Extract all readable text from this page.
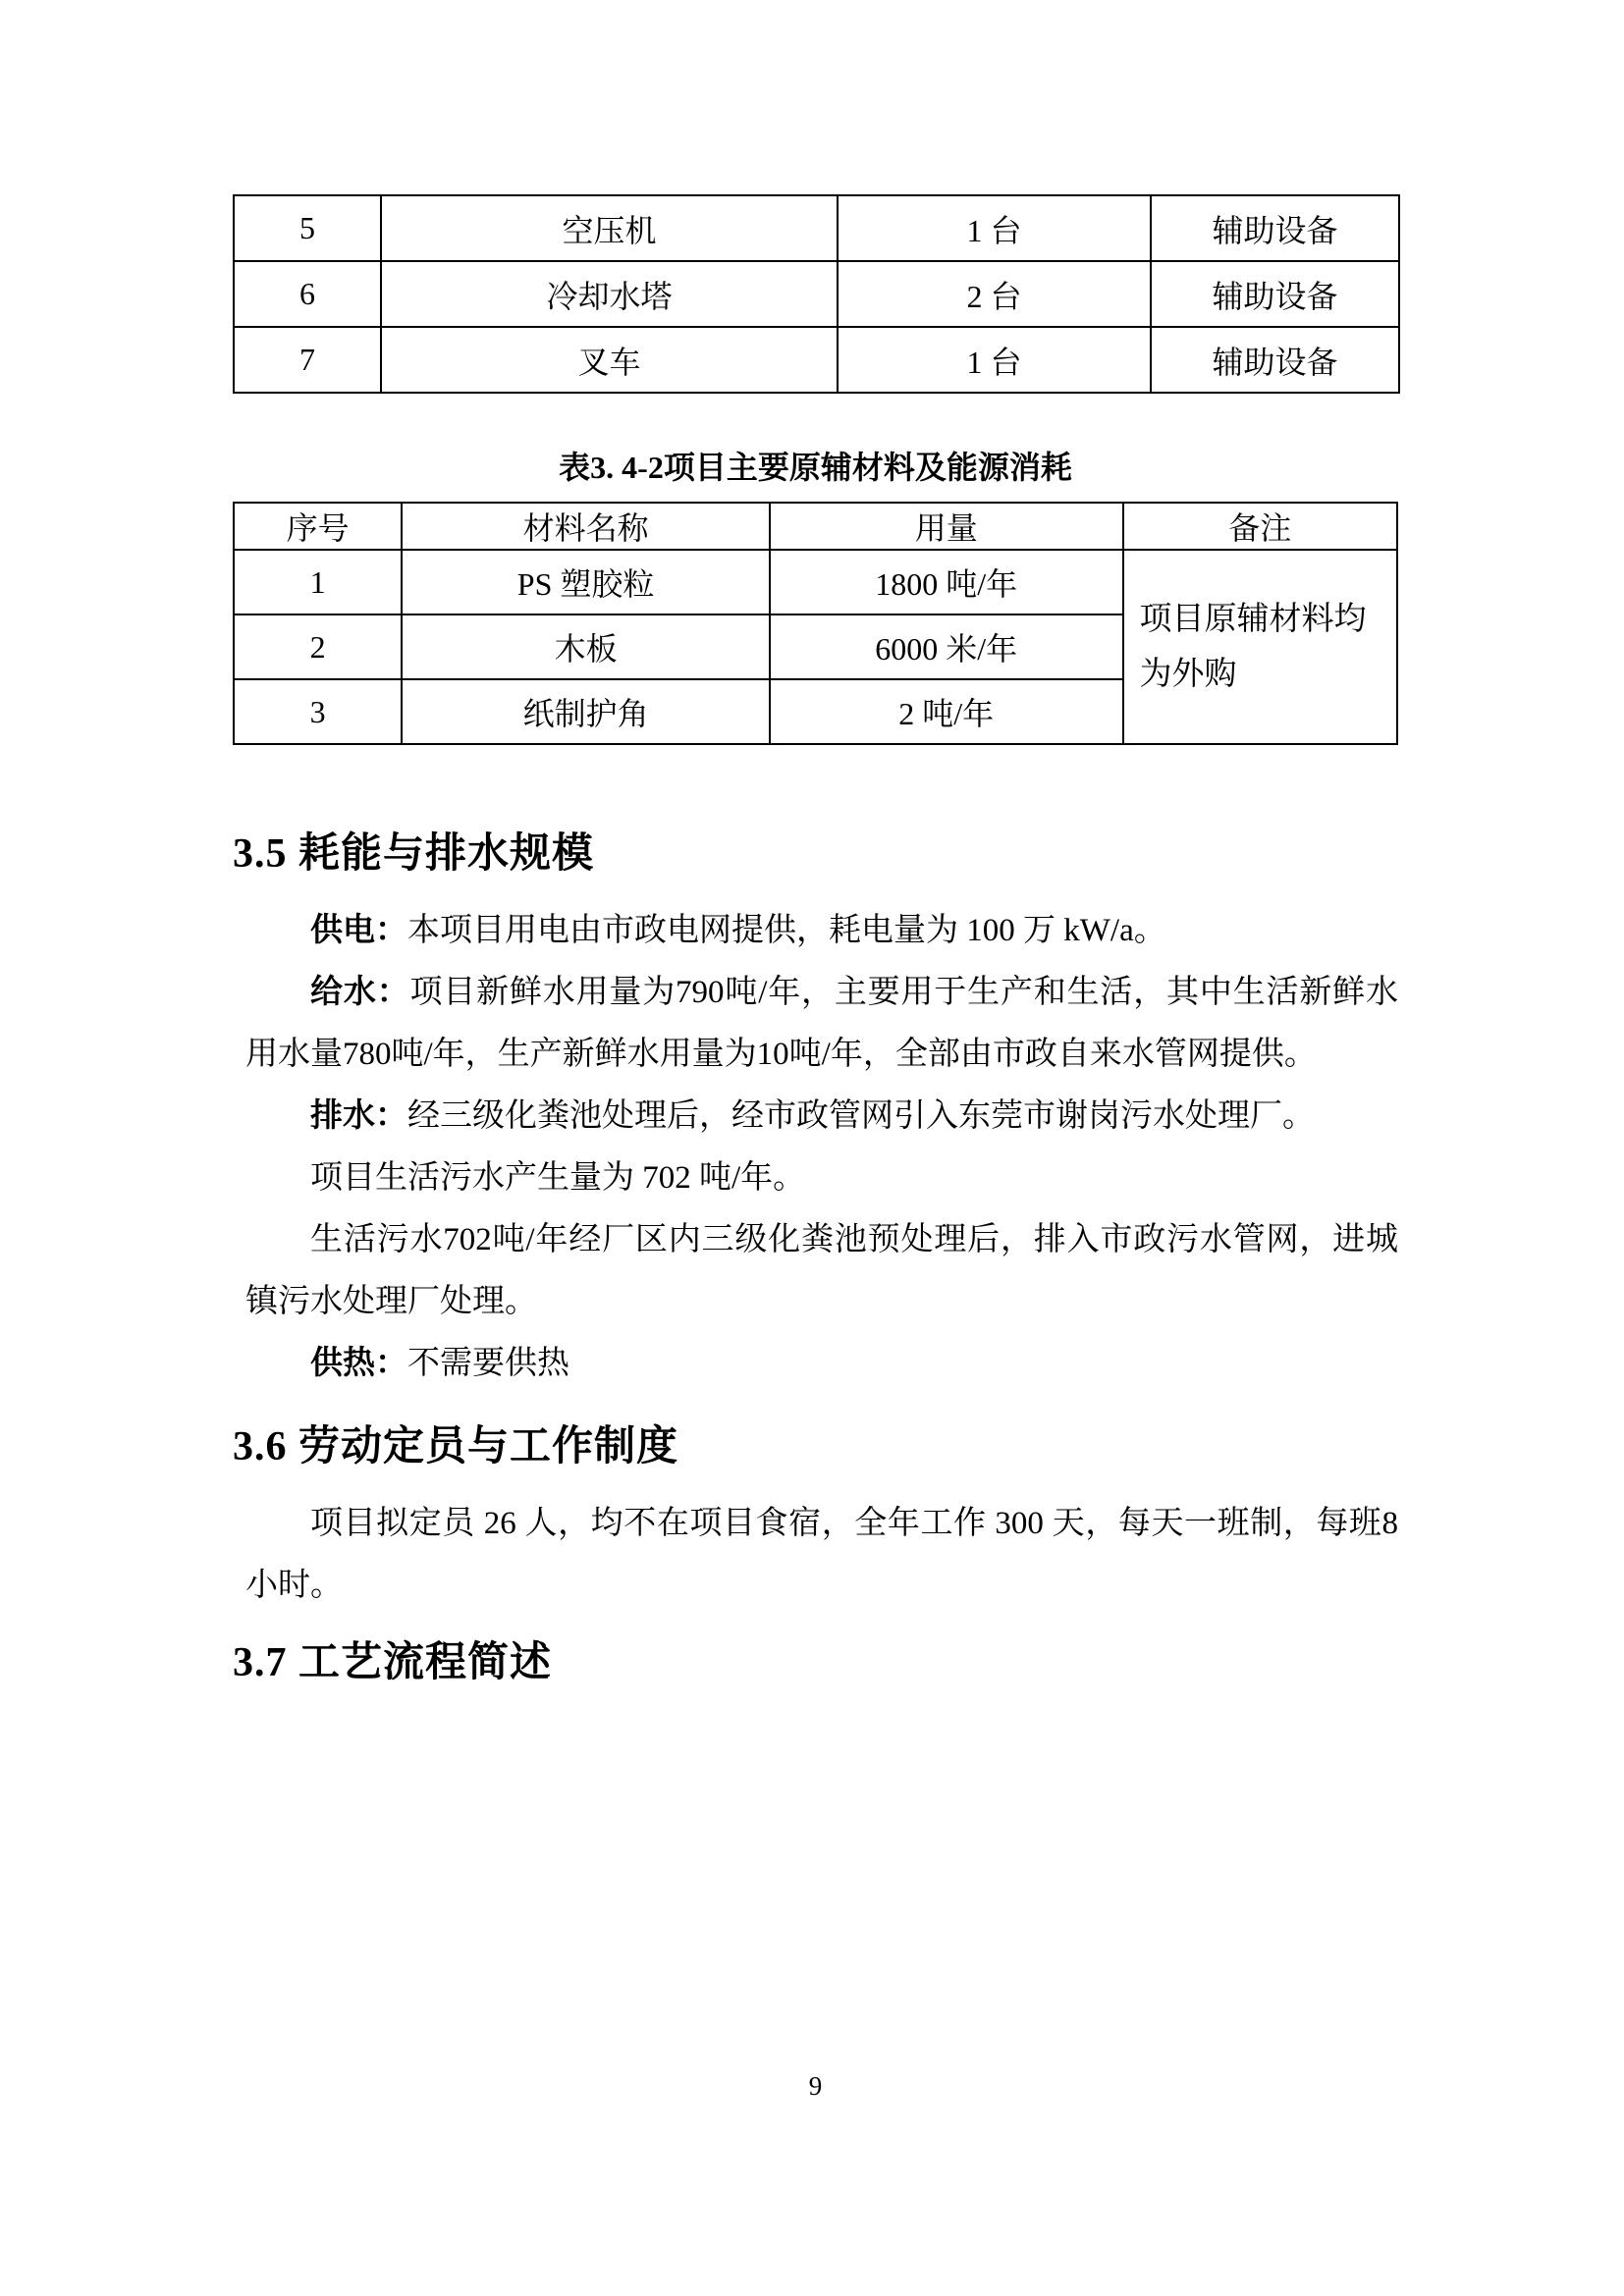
5	空压机	1 台	辅助设备
6	冷却水塔	2 台	辅助设备
7	叉车	1 台	辅助设备
表3. 4-2项目主要原辅材料及能源消耗
序号	材料名称	用量	备注
1	PS 塑胶粒	1800 吨/年	项目原辅材料均为外购
2	木板	6000 米/年	
3	纸制护角	2 吨/年	
3.5 耗能与排水规模

供电：本项目用电由市政电网提供，耗电量为 100 万 kW/a。

给水：项目新鲜水用量为790吨/年，主要用于生产和生活，其中生活新鲜水用水量780吨/年，生产新鲜水用量为10吨/年，全部由市政自来水管网提供。

排水：经三级化粪池处理后，经市政管网引入东莞市谢岗污水处理厂。

项目生活污水产生量为 702 吨/年。

生活污水702吨/年经厂区内三级化粪池预处理后，排入市政污水管网，进城镇污水处理厂处理。

供热：不需要供热

3.6 劳动定员与工作制度

项目拟定员 26 人，均不在项目食宿，全年工作 300 天，每天一班制，每班8 小时。

3.7 工艺流程简述
9
